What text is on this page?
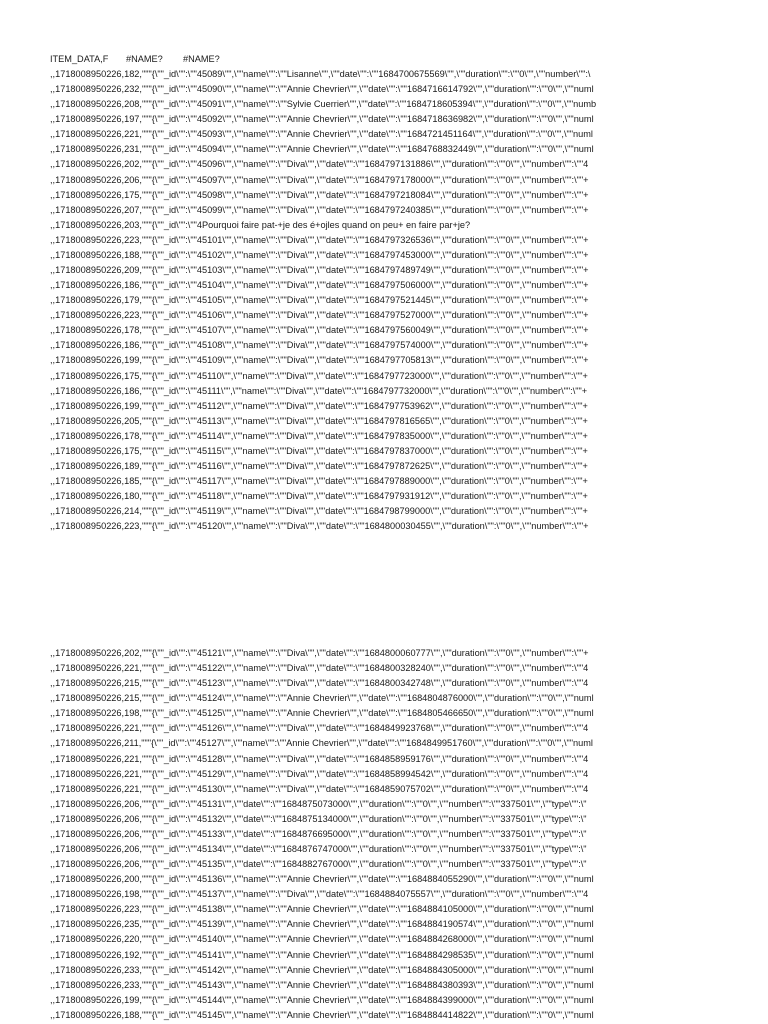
ITEM_DATA,F #NAME? #NAME?
,,1718008950226,182,"""{\""_id\"":\""45089\"",\""name\"":\""Lisanne\"",\""date\"":\""1684700675569\"",\""duration\"":\""0\"",\""number\"":\
,,1718008950226,232,"""{\""_id\"":\""45090\"",\""name\"":\""Annie Chevrier\"",\""date\"":\""1684716614792\"",\""duration\"":\""0\"",\""numl
,,1718008950226,208,"""{\""_id\"":\""45091\"",\""name\"":\""Sylvie Cuerrier\"",\""date\"":\""1684718605394\"",\""duration\"":\""0\"",\""numb
,,1718008950226,197,"""{\""_id\"":\""45092\"",\""name\"":\""Annie Chevrier\"",\""date\"":\""1684718636982\"",\""duration\"":\""0\"",\""numl
,,1718008950226,221,"""{\""_id\"":\""45093\"",\""name\"":\""Annie Chevrier\"",\""date\"":\""1684721451164\"",\""duration\"":\""0\"",\""numl
,,1718008950226,231,"""{\""_id\"":\""45094\"",\""name\"":\""Annie Chevrier\"",\""date\"":\""1684768832449\"",\""duration\"":\""0\"",\""numl
,,1718008950226,202,"""{\""_id\"":\""45096\"",\""name\"":\""Diva\"",\""date\"":\""1684797131886\"",\""duration\"":\""0\"",\""number\"":\""4
,,1718008950226,206,"""{\""_id\"":\""45097\"",\""name\"":\""Diva\"",\""date\"":\""1684797178000\"",\""duration\"":\""0\"",\""number\"":\""+
,,1718008950226,175,"""{\""_id\"":\""45098\"",\""name\"":\""Diva\"",\""date\"":\""1684797218084\"",\""duration\"":\""0\"",\""number\"":\""+
,,1718008950226,207,"""{\""_id\"":\""45099\"",\""name\"":\""Diva\"",\""date\"":\""1684797240385\"",\""duration\"":\""0\"",\""number\"":\""+
,,1718008950226,203,"""{\""_id\"":\""4Pourquoi faire pat-+je des é+ojles quand on peu+ en faire par+je?
,,1718008950226,223,"""{\""_id\"":\""45101\"",\""name\"":\""Diva\"",\""date\"":\""1684797326536\"",\""duration\"":\""0\"",\""number\"":\""+
,,1718008950226,188,"""{\""_id\"":\""45102\"",\""name\"":\""Diva\"",\""date\"":\""1684797453000\"",\""duration\"":\""0\"",\""number\"":\""+
,,1718008950226,209,"""{\""_id\"":\""45103\"",\""name\"":\""Diva\"",\""date\"":\""1684797489749\"",\""duration\"":\""0\"",\""number\"":\""+
,,1718008950226,186,"""{\""_id\"":\""45104\"",\""name\"":\""Diva\"",\""date\"":\""1684797506000\"",\""duration\"":\""0\"",\""number\"":\""+
,,1718008950226,179,"""{\""_id\"":\""45105\"",\""name\"":\""Diva\"",\""date\"":\""1684797521445\"",\""duration\"":\""0\"",\""number\"":\""+
,,1718008950226,223,"""{\""_id\"":\""45106\"",\""name\"":\""Diva\"",\""date\"":\""1684797527000\"",\""duration\"":\""0\"",\""number\"":\""+
,,1718008950226,178,"""{\""_id\"":\""45107\"",\""name\"":\""Diva\"",\""date\"":\""1684797560049\"",\""duration\"":\""0\"",\""number\"":\""+
,,1718008950226,186,"""{\""_id\"":\""45108\"",\""name\"":\""Diva\"",\""date\"":\""1684797574000\"",\""duration\"":\""0\"",\""number\"":\""+
,,1718008950226,199,"""{\""_id\"":\""45109\"",\""name\"":\""Diva\"",\""date\"":\""1684797705813\"",\""duration\"":\""0\"",\""number\"":\""+
,,1718008950226,175,"""{\""_id\"":\""45110\"",\""name\"":\""Diva\"",\""date\"":\""1684797723000\"",\""duration\"":\""0\"",\""number\"":\""+
,,1718008950226,186,"""{\""_id\"":\""45111\"",\""name\"":\""Diva\"",\""date\"":\""1684797732000\"",\""duration\"":\""0\"",\""number\"":\""+
,,1718008950226,199,"""{\""_id\"":\""45112\"",\""name\"":\""Diva\"",\""date\"":\""1684797753962\"",\""duration\"":\""0\"",\""number\"":\""+
,,1718008950226,205,"""{\""_id\"":\""45113\"",\""name\"":\""Diva\"",\""date\"":\""1684797816565\"",\""duration\"":\""0\"",\""number\"":\""+
,,1718008950226,178,"""{\""_id\"":\""45114\"",\""name\"":\""Diva\"",\""date\"":\""1684797835000\"",\""duration\"":\""0\"",\""number\"":\""+
,,1718008950226,175,"""{\""_id\"":\""45115\"",\""name\"":\""Diva\"",\""date\"":\""1684797837000\"",\""duration\"":\""0\"",\""number\"":\""+
,,1718008950226,189,"""{\""_id\"":\""45116\"",\""name\"":\""Diva\"",\""date\"":\""1684797872625\"",\""duration\"":\""0\"",\""number\"":\""+
,,1718008950226,185,"""{\""_id\"":\""45117\"",\""name\"":\""Diva\"",\""date\"":\""1684797889000\"",\""duration\"":\""0\"",\""number\"":\""+
,,1718008950226,180,"""{\""_id\"":\""45118\"",\""name\"":\""Diva\"",\""date\"":\""1684797931912\"",\""duration\"":\""0\"",\""number\"":\""+
,,1718008950226,214,"""{\""_id\"":\""45119\"",\""name\"":\""Diva\"",\""date\"":\""1684798799000\"",\""duration\"":\""0\"",\""number\"":\""+
,,1718008950226,223,"""{\""_id\"":\""45120\"",\""name\"":\""Diva\"",\""date\"":\""1684800030455\"",\""duration\"":\""0\"",\""number\"":\""+
,,1718008950226,202,"""{\""_id\"":\""45121\"",\""name\"":\""Diva\"",\""date\"":\""1684800060777\"",\""duration\"":\""0\"",\""number\"":\""+
,,1718008950226,221,"""{\""_id\"":\""45122\"",\""name\"":\""Diva\"",\""date\"":\""1684800328240\"",\""duration\"":\""0\"",\""number\"":\""4
,,1718008950226,215,"""{\""_id\"":\""45123\"",\""name\"":\""Diva\"",\""date\"":\""1684800342748\"",\""duration\"":\""0\"",\""number\"":\""4
,,1718008950226,215,"""{\""_id\"":\""45124\"",\""name\"":\""Annie Chevrier\"",\""date\"":\""1684804876000\"",\""duration\"":\""0\"",\""numl
,,1718008950226,198,"""{\""_id\"":\""45125\"",\""name\"":\""Annie Chevrier\"",\""date\"":\""1684805466650\"",\""duration\"":\""0\"",\""numl
,,1718008950226,221,"""{\""_id\"":\""45126\"",\""name\"":\""Diva\"",\""date\"":\""1684849923768\"",\""duration\"":\""0\"",\""number\"":\""4
,,1718008950226,211,"""{\""_id\"":\""45127\"",\""name\"":\""Annie Chevrier\"",\""date\"":\""1684849951760\"",\""duration\"":\""0\"",\""numl
,,1718008950226,221,"""{\""_id\"":\""45128\"",\""name\"":\""Diva\"",\""date\"":\""1684858959176\"",\""duration\"":\""0\"",\""number\"":\""4
,,1718008950226,221,"""{\""_id\"":\""45129\"",\""name\"":\""Diva\"",\""date\"":\""1684858994542\"",\""duration\"":\""0\"",\""number\"":\""4
,,1718008950226,221,"""{\""_id\"":\""45130\"",\""name\"":\""Diva\"",\""date\"":\""1684859075702\"",\""duration\"":\""0\"",\""number\"":\""4
,,1718008950226,206,"""{\""_id\"":\""45131\"",\""date\"":\""1684875073000\"",\""duration\"":\""0\"",\""number\"":\""337501\"",\""type\"":\"
,,1718008950226,206,"""{\""_id\"":\""45132\"",\""date\"":\""1684875134000\"",\""duration\"":\""0\"",\""number\"":\""337501\"",\""type\"":\"
,,1718008950226,206,"""{\""_id\"":\""45133\"",\""date\"":\""1684876695000\"",\""duration\"":\""0\"",\""number\"":\""337501\"",\""type\"":\"
,,1718008950226,206,"""{\""_id\"":\""45134\"",\""date\"":\""1684876747000\"",\""duration\"":\""0\"",\""number\"":\""337501\"",\""type\"":\"
,,1718008950226,206,"""{\""_id\"":\""45135\"",\""date\"":\""1684882767000\"",\""duration\"":\""0\"",\""number\"":\""337501\"",\""type\"":\"
,,1718008950226,200,"""{\""_id\"":\""45136\"",\""name\"":\""Annie Chevrier\"",\""date\"":\""1684884055290\"",\""duration\"":\""0\"",\""numl
,,1718008950226,198,"""{\""_id\"":\""45137\"",\""name\"":\""Diva\"",\""date\"":\""1684884075557\"",\""duration\"":\""0\"",\""number\"":\""4
,,1718008950226,223,"""{\""_id\"":\""45138\"",\""name\"":\""Annie Chevrier\"",\""date\"":\""1684884105000\"",\""duration\"":\""0\"",\""numl
,,1718008950226,235,"""{\""_id\"":\""45139\"",\""name\"":\""Annie Chevrier\"",\""date\"":\""1684884190574\"",\""duration\"":\""0\"",\""numl
,,1718008950226,220,"""{\""_id\"":\""45140\"",\""name\"":\""Annie Chevrier\"",\""date\"":\""1684884268000\"",\""duration\"":\""0\"",\""numl
,,1718008950226,192,"""{\""_id\"":\""45141\"",\""name\"":\""Annie Chevrier\"",\""date\"":\""1684884298535\"",\""duration\"":\""0\"",\""numl
,,1718008950226,233,"""{\""_id\"":\""45142\"",\""name\"":\""Annie Chevrier\"",\""date\"":\""1684884305000\"",\""duration\"":\""0\"",\""numl
,,1718008950226,233,"""{\""_id\"":\""45143\"",\""name\"":\""Annie Chevrier\"",\""date\"":\""1684884380393\"",\""duration\"":\""0\"",\""numl
,,1718008950226,199,"""{\""_id\"":\""45144\"",\""name\"":\""Annie Chevrier\"",\""date\"":\""1684884399000\"",\""duration\"":\""0\"",\""numl
,,1718008950226,188,"""{\""_id\"":\""45145\"",\""name\"":\""Annie Chevrier\"",\""date\"":\""1684884414822\"",\""duration\"":\""0\"",\""numl
